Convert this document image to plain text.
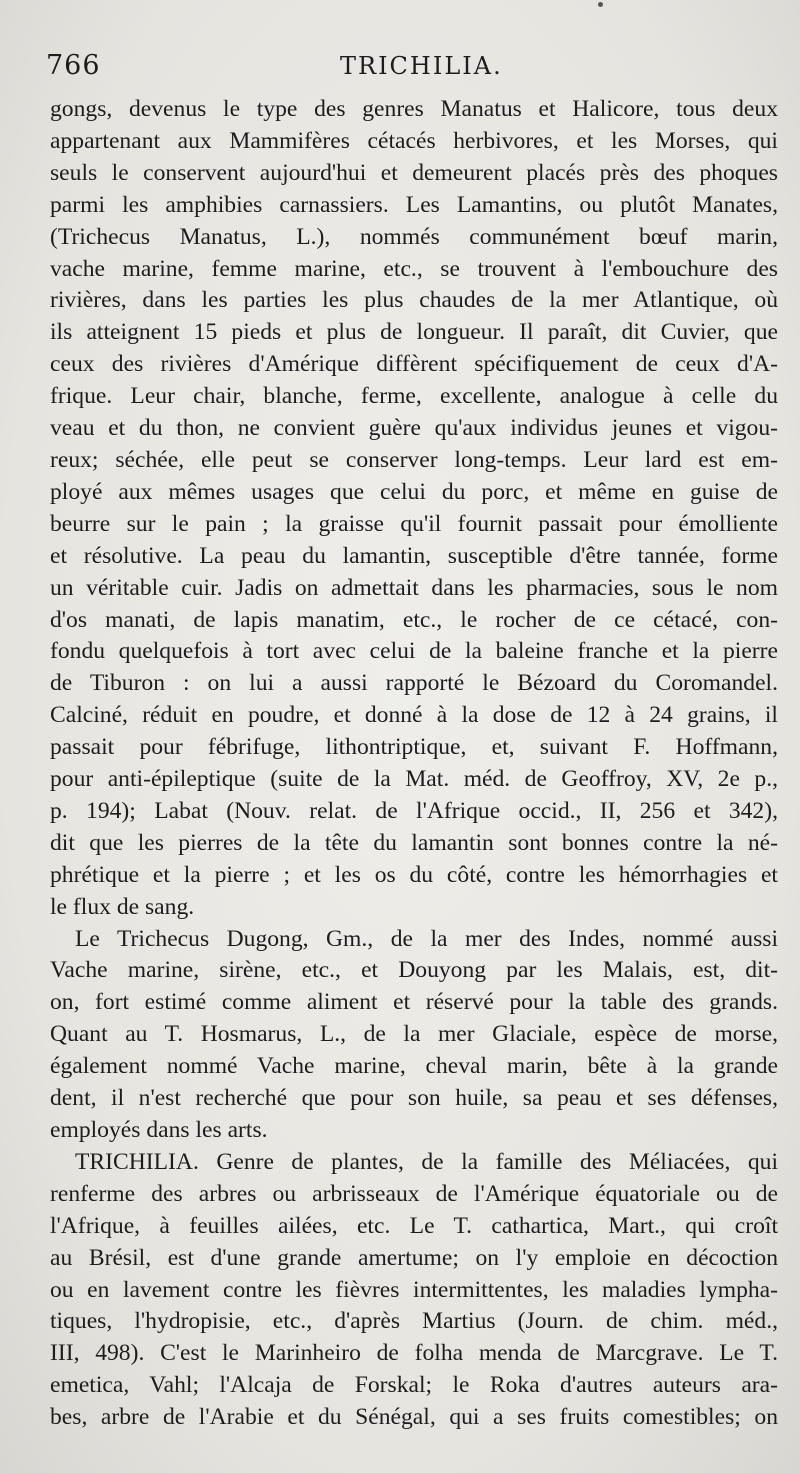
766	TRICHILIA.
gongs, devenus le type des genres Manatus et Halicore, tous deux
appartenant aux Mammifères cétacés herbivores, et les Morses, qui
seuls le conservent aujourd'hui et demeurent placés près des phoques
parmi les amphibies carnassiers. Les Lamantins, ou plutôt Manates,
(Trichecus Manatus, L.), nommés communément bœuf marin,
vache marine, femme marine, etc., se trouvent à l'embouchure des
rivières, dans les parties les plus chaudes de la mer Atlantique, où
ils atteignent 15 pieds et plus de longueur. Il paraît, dit Cuvier, que
ceux des rivières d'Amérique diffèrent spécifiquement de ceux d'A-
frique. Leur chair, blanche, ferme, excellente, analogue à celle du
veau et du thon, ne convient guère qu'aux individus jeunes et vigou-
reux; séchée, elle peut se conserver long-temps. Leur lard est em-
ployé aux mêmes usages que celui du porc, et même en guise de
beurre sur le pain ; la graisse qu'il fournit passait pour émolliente
et résolutive. La peau du lamantin, susceptible d'être tannée, forme
un véritable cuir. Jadis on admettait dans les pharmacies, sous le nom
d'os manati, de lapis manatim, etc., le rocher de ce cétacé, con-
fondu quelquefois à tort avec celui de la baleine franche et la pierre
de Tiburon : on lui a aussi rapporté le Bézoard du Coromandel.
Calciné, réduit en poudre, et donné à la dose de 12 à 24 grains, il
passait pour fébrifuge, lithontriptique, et, suivant F. Hoffmann,
pour anti-épileptique (suite de la Mat. méd. de Geoffroy, XV, 2e p.,
p. 194); Labat (Nouv. relat. de l'Afrique occid., II, 256 et 342),
dit que les pierres de la tête du lamantin sont bonnes contre la né-
phrétique et la pierre ; et les os du côté, contre les hémorrhagies et
le flux de sang.
Le Trichecus Dugong, Gm., de la mer des Indes, nommé aussi
Vache marine, sirène, etc., et Douyong par les Malais, est, dit-
on, fort estimé comme aliment et réservé pour la table des grands.
Quant au T. Hosmarus, L., de la mer Glaciale, espèce de morse,
également nommé Vache marine, cheval marin, bête à la grande
dent, il n'est recherché que pour son huile, sa peau et ses défenses,
employés dans les arts.
TRICHILIA. Genre de plantes, de la famille des Méliacées, qui
renferme des arbres ou arbrisseaux de l'Amérique équatoriale ou de
l'Afrique, à feuilles ailées, etc. Le T. cathartica, Mart., qui croît
au Brésil, est d'une grande amertume; on l'y emploie en décoction
ou en lavement contre les fièvres intermittentes, les maladies lympha-
tiques, l'hydropisie, etc., d'après Martius (Journ. de chim. méd.,
III, 498). C'est le Marinheiro de folha menda de Marcgrave. Le T.
emetica, Vahl; l'Alcaja de Forskal; le Roka d'autres auteurs ara-
bes, arbre de l'Arabie et du Sénégal, qui a ses fruits comestibles; on
